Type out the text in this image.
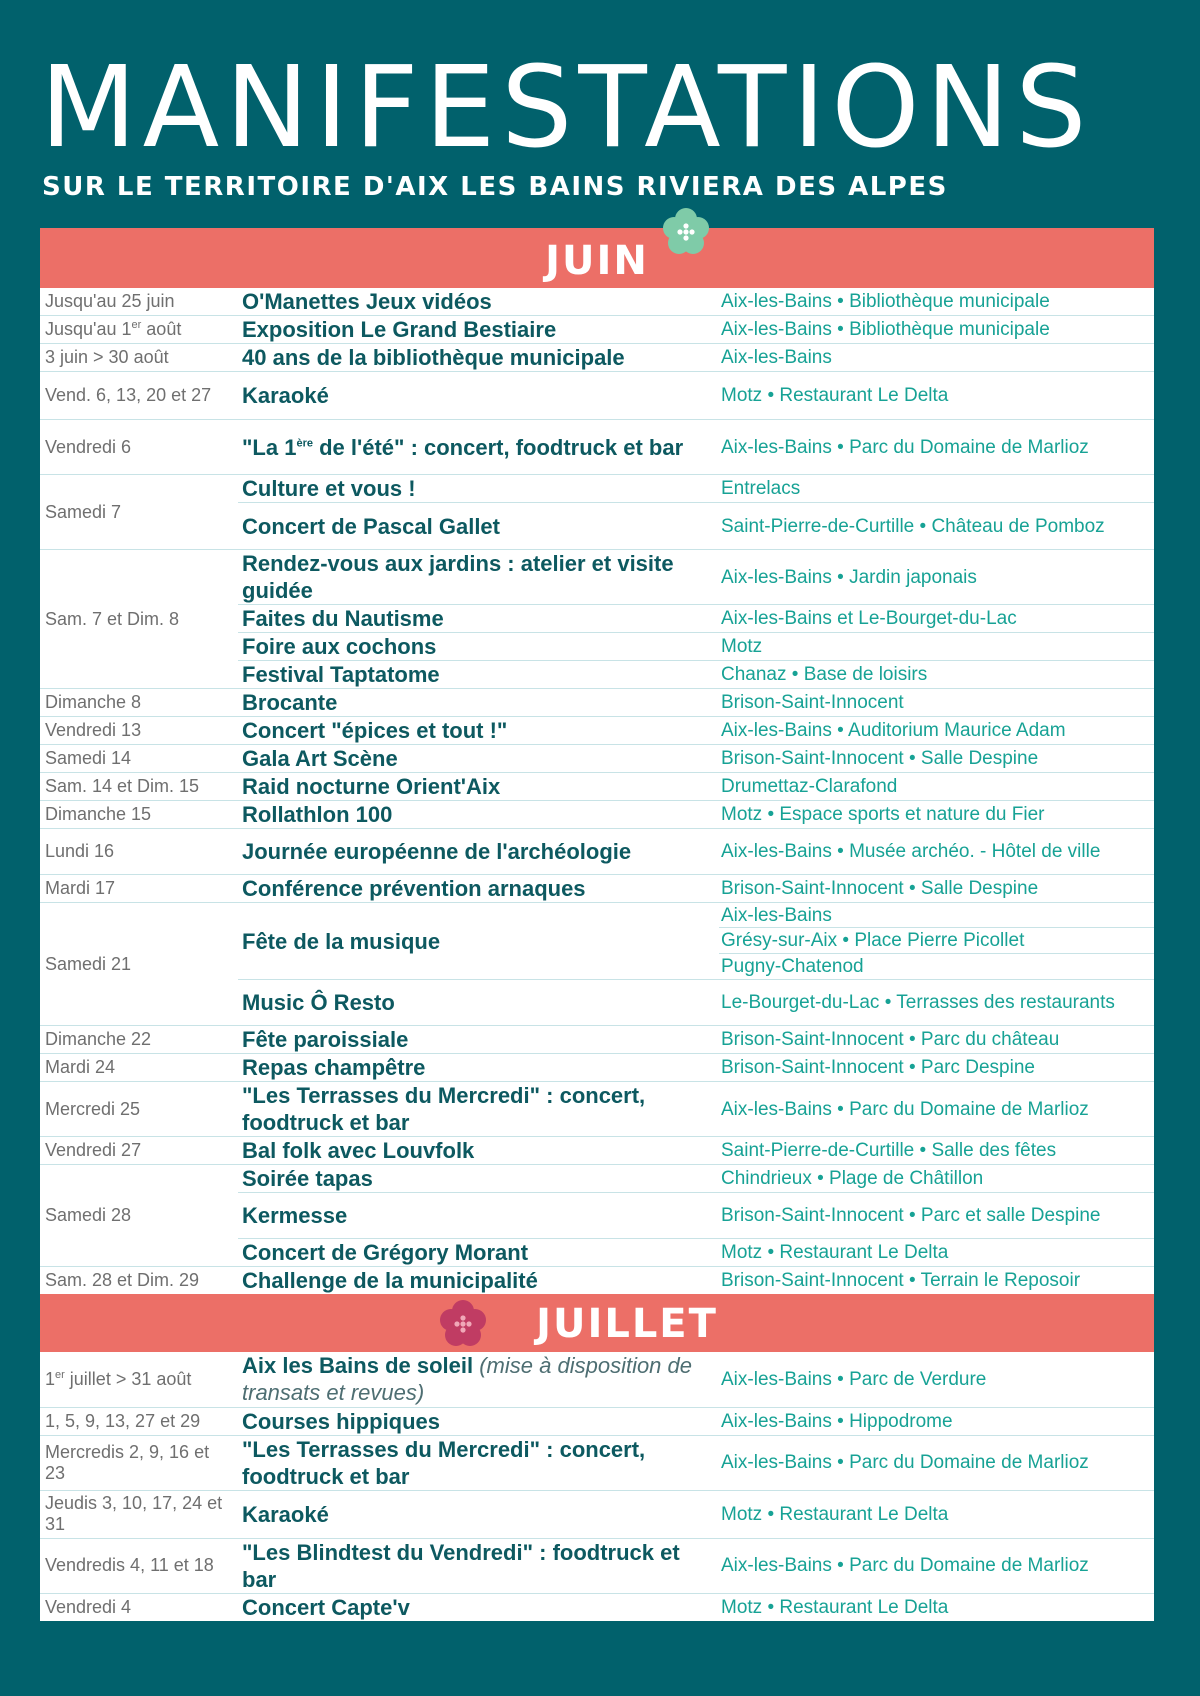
MANIFESTATIONS
SUR LE TERRITOIRE D'AIX LES BAINS RIVIERA DES ALPES
JUIN
Jusqu'au 25 juin	O'Manettes Jeux vidéos	Aix-les-Bains • Bibliothèque municipale
Jusqu'au 1er août	Exposition Le Grand Bestiaire	Aix-les-Bains • Bibliothèque municipale
3 juin > 30 août	40 ans de la bibliothèque municipale	Aix-les-Bains
Vend. 6, 13, 20 et 27	Karaoké	Motz • Restaurant Le Delta
Vendredi 6	"La 1ère de l'été" : concert, foodtruck et bar	Aix-les-Bains • Parc du Domaine de Marlioz
Samedi 7	Culture et vous !	Entrelacs
	Concert de Pascal Gallet	Saint-Pierre-de-Curtille • Château de Pomboz
Sam. 7 et Dim. 8	Rendez-vous aux jardins : atelier et visite guidée	Aix-les-Bains • Jardin japonais
	Faites du Nautisme	Aix-les-Bains et Le-Bourget-du-Lac
	Foire aux cochons	Motz
	Festival Taptatome	Chanaz • Base de loisirs
Dimanche 8	Brocante	Brison-Saint-Innocent
Vendredi 13	Concert "épices et tout !"	Aix-les-Bains • Auditorium Maurice Adam
Samedi 14	Gala Art Scène	Brison-Saint-Innocent • Salle Despine
Sam. 14 et Dim. 15	Raid nocturne Orient'Aix	Drumettaz-Clarafond
Dimanche 15	Rollathlon 100	Motz • Espace sports et nature du Fier
Lundi 16	Journée européenne de l'archéologie	Aix-les-Bains • Musée archéo. - Hôtel de ville
Mardi 17	Conférence prévention arnaques	Brison-Saint-Innocent • Salle Despine
Samedi 21	Fête de la musique	Aix-les-Bains
		Grésy-sur-Aix • Place Pierre Picollet
		Pugny-Chatenod
	Music Ô Resto	Le-Bourget-du-Lac • Terrasses des restaurants
Dimanche 22	Fête paroissiale	Brison-Saint-Innocent • Parc du château
Mardi 24	Repas champêtre	Brison-Saint-Innocent • Parc Despine
Mercredi 25	"Les Terrasses du Mercredi" : concert, foodtruck et bar	Aix-les-Bains • Parc du Domaine de Marlioz
Vendredi 27	Bal folk avec Louvfolk	Saint-Pierre-de-Curtille • Salle des fêtes
Samedi 28	Soirée tapas	Chindrieux • Plage de Châtillon
	Kermesse	Brison-Saint-Innocent • Parc et salle Despine
	Concert de Grégory Morant	Motz • Restaurant Le Delta
Sam. 28 et Dim. 29	Challenge de la municipalité	Brison-Saint-Innocent • Terrain le Reposoir
JUILLET
1er juillet > 31 août	Aix les Bains de soleil (mise à disposition de transats et revues)	Aix-les-Bains • Parc de Verdure
1, 5, 9, 13, 27 et 29	Courses hippiques	Aix-les-Bains • Hippodrome
Mercredis 2, 9, 16 et 23	"Les Terrasses du Mercredi" : concert, foodtruck et bar	Aix-les-Bains • Parc du Domaine de Marlioz
Jeudis 3, 10, 17, 24 et 31	Karaoké	Motz • Restaurant Le Delta
Vendredis 4, 11 et 18	"Les Blindtest du Vendredi" : foodtruck et bar	Aix-les-Bains • Parc du Domaine de Marlioz
Vendredi 4	Concert Capte'v	Motz • Restaurant Le Delta
